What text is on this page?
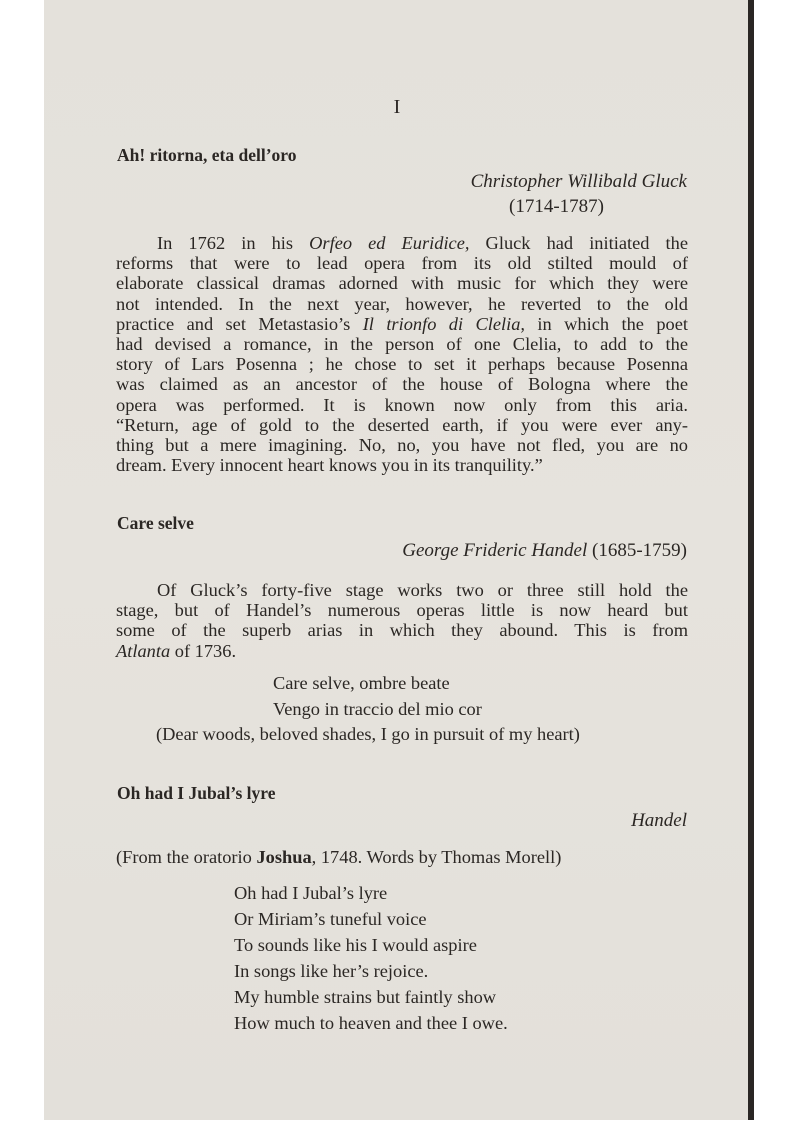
I
Ah! ritorna, eta dell’oro
Christopher Willibald Gluck
(1714-1787)
In 1762 in his Orfeo ed Euridice, Gluck had initiated the
reforms that were to lead opera from its old stilted mould of
elaborate classical dramas adorned with music for which they were
not intended. In the next year, however, he reverted to the old
practice and set Metastasio’s Il trionfo di Clelia, in which the poet
had devised a romance, in the person of one Clelia, to add to the
story of Lars Posenna ; he chose to set it perhaps because Posenna
was claimed as an ancestor of the house of Bologna where the
opera was performed. It is known now only from this aria.
“Return, age of gold to the deserted earth, if you were ever any-
thing but a mere imagining. No, no, you have not fled, you are no
dream. Every innocent heart knows you in its tranquility.”
Care selve
George Frideric Handel (1685-1759)
Of Gluck’s forty-five stage works two or three still hold the
stage, but of Handel’s numerous operas little is now heard but
some of the superb arias in which they abound. This is from
Atlanta of 1736.
Care selve, ombre beate
Vengo in traccio del mio cor
(Dear woods, beloved shades, I go in pursuit of my heart)
Oh had I Jubal’s lyre
Handel
(From the oratorio Joshua, 1748. Words by Thomas Morell)
Oh had I Jubal’s lyre
Or Miriam’s tuneful voice
To sounds like his I would aspire
In songs like her’s rejoice.
My humble strains but faintly show
How much to heaven and thee I owe.
